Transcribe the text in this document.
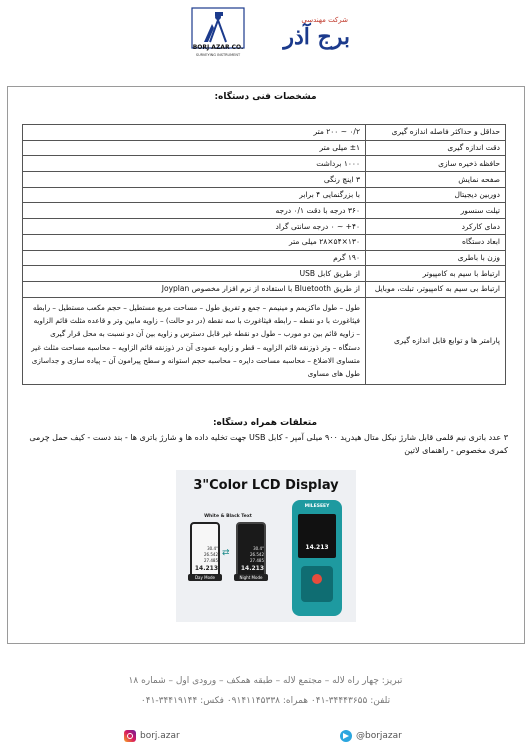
BORJ AZAR CO.
SURVEYING INSTRUMENT
شرکت مهندسی
برج آذر
مشخصات فنی دستگاه:
حداقل و حداکثر فاصله اندازه گیری	۰/۲ ~ ۲۰۰ متر
دقت اندازه گیری	±۱ میلی متر
حافظه ذخیره سازی	۱۰۰۰ برداشت
صفحه نمایش	۳ اینچ رنگی
دوربین دیجیتال	با بزرگنمایی ۴ برابر
تیلت سنسور	۳۶۰ درجه با دقت ۰/۱ درجه
دمای کارکرد	۴۰+ ~ ۰ درجه سانتی گراد
ابعاد دستگاه	۱۳۰×۵۴×۲۸ میلی متر
وزن با باطری	۱۹۰ گرم
ارتباط با سیم به کامپیوتر	از طریق کابل USB
ارتباط بی سیم به کامپیوتر، تبلت، موبایل	از طریق Bluetooth با استفاده از نرم افزار مخصوص Joyplan
پارامتر ها و توابع قابل اندازه گیری	طول – طول ماکزیمم و مینیمم – جمع و تفریق طول – مساحت مربع مستطیل – حجم مکعب مستطیل – رابطه فیثاغورث با دو نقطه – رابطه فیثاغورث با سه نقطه (در دو حالت) – زاویه مابین وتر و قاعده مثلث قائم الزاویه – زاویه قائم بین دو مورب – طول دو نقطه غیر قابل دسترس و زاویه بین آن دو نسبت به محل قرار گیری دستگاه – وتر ذوزنقه قائم الزاویه – قطر و زاویه عمودی آن در ذوزنقه قائم الزاویه – محاسبه مساحت مثلث غیر متساوی الاضلاع – محاسبه مساحت دایره – محاسبه حجم استوانه و سطح پیرامون آن – پیاده سازی و جداسازی طول های مساوی
متعلقات همراه دستگاه:
۳ عدد باتری نیم قلمی قابل شارژ نیکل متال هیدرید ۹۰۰ میلی آمپر - کابل USB جهت تخلیه داده ها و شارژ باتری ها - بند دست - کیف حمل چرمی کمری مخصوص - راهنمای لاتین
3"Color LCD Display
White & Black Text
30.4°
26.542
27.485
14.213
⇄	30.4°
26.542
27.485
14.213
Day Mode	Night Mode
MILESEEY
14.213
تبریز: چهار راه لاله – مجتمع لاله – طبقه همکف – ورودی اول – شماره ۱۸
تلفن: ۳۴۴۴۳۶۵۵-۰۴۱ همراه: ۰۹۱۴۱۱۴۵۳۳۸ فکس: ۳۴۴۱۹۱۴۴-۰۴۱
borj.azar	@borjazar
